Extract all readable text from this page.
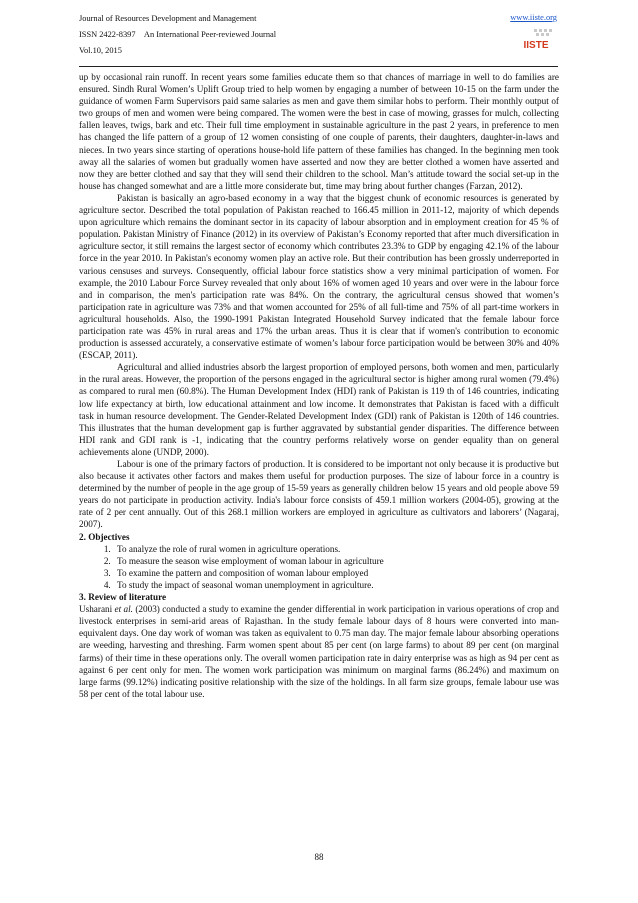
Journal of Resources Development and Management
ISSN 2422-8397 An International Peer-reviewed Journal
Vol.10, 2015
www.iiste.org
IISTE

up by occasional rain runoff. In recent years some families educate them so that chances of marriage in well to do families are ensured. Sindh Rural Women’s Uplift Group tried to help women by engaging a number of between 10-15 on the farm under the guidance of women Farm Supervisors paid same salaries as men and gave them similar hobs to perform. Their monthly output of two groups of men and women were being compared. The women were the best in case of mowing, grasses for mulch, collecting fallen leaves, twigs, bark and etc. Their full time employment in sustainable agriculture in the past 2 years, in preference to men has changed the life pattern of a group of 12 women consisting of one couple of parents, their daughters, daughter-in-laws and nieces. In two years since starting of operations house-hold life pattern of these families has changed. In the beginning men took away all the salaries of women but gradually women have asserted and now they are better clothed a women have asserted and now they are better clothed and say that they will send their children to the school. Man’s attitude toward the social set-up in the house has changed somewhat and are a little more considerate but, time may bring about further changes (Farzan, 2012).

Pakistan is basically an agro-based economy in a way that the biggest chunk of economic resources is generated by agriculture sector. Described the total population of Pakistan reached to 166.45 million in 2011-12, majority of which depends upon agriculture which remains the dominant sector in its capacity of labour absorption and in employment creation for 45 % of population. Pakistan Ministry of Finance (2012) in its overview of Pakistan’s Economy reported that after much diversification in agriculture sector, it still remains the largest sector of economy which contributes 23.3% to GDP by engaging 42.1% of the labour force in the year 2010. In Pakistan's economy women play an active role. But their contribution has been grossly underreported in various censuses and surveys. Consequently, official labour force statistics show a very minimal participation of women. For example, the 2010 Labour Force Survey revealed that only about 16% of women aged 10 years and over were in the labour force and in comparison, the men's participation rate was 84%. On the contrary, the agricultural census showed that women’s participation rate in agriculture was 73% and that women accounted for 25% of all full-time and 75% of all part-time workers in agricultural households. Also, the 1990-1991 Pakistan Integrated Household Survey indicated that the female labour force participation rate was 45% in rural areas and 17% the urban areas. Thus it is clear that if women's contribution to economic production is assessed accurately, a conservative estimate of women’s labour force participation would be between 30% and 40% (ESCAP, 2011).

Agricultural and allied industries absorb the largest proportion of employed persons, both women and men, particularly in the rural areas. However, the proportion of the persons engaged in the agricultural sector is higher among rural women (79.4%) as compared to rural men (60.8%). The Human Development Index (HDI) rank of Pakistan is 119 th of 146 countries, indicating low life expectancy at birth, low educational attainment and low income. It demonstrates that Pakistan is faced with a difficult task in human resource development. The Gender-Related Development Index (GDI) rank of Pakistan is 120th of 146 countries. This illustrates that the human development gap is further aggravated by substantial gender disparities. The difference between HDI rank and GDI rank is -1, indicating that the country performs relatively worse on gender equality than on general achievements alone (UNDP, 2000).

Labour is one of the primary factors of production. It is considered to be important not only because it is productive but also because it activates other factors and makes them useful for production purposes. The size of labour force in a country is determined by the number of people in the age group of 15-59 years as generally children below 15 years and old people above 59 years do not participate in production activity. India's labour force consists of 459.1 million workers (2004-05), growing at the rate of 2 per cent annually. Out of this 268.1 million workers are employed in agriculture as cultivators and laborers’ (Nagaraj, 2007).

2. Objectives

1. To analyze the role of rural women in agriculture operations.
2. To measure the season wise employment of woman labour in agriculture
3. To examine the pattern and composition of woman labour employed
4. To study the impact of seasonal woman unemployment in agriculture.

3. Review of literature

Usharani et al. (2003) conducted a study to examine the gender differential in work participation in various operations of crop and livestock enterprises in semi-arid areas of Rajasthan. In the study female labour days of 8 hours were converted into man-equivalent days. One day work of woman was taken as equivalent to 0.75 man day. The major female labour absorbing operations are weeding, harvesting and threshing. Farm women spent about 85 per cent (on large farms) to about 89 per cent (on marginal farms) of their time in these operations only. The overall women participation rate in dairy enterprise was as high as 94 per cent as against 6 per cent only for men. The women work participation was minimum on marginal farms (86.24%) and maximum on large farms (99.12%) indicating positive relationship with the size of the holdings. In all farm size groups, female labour use was 58 per cent of the total labour use.

88
